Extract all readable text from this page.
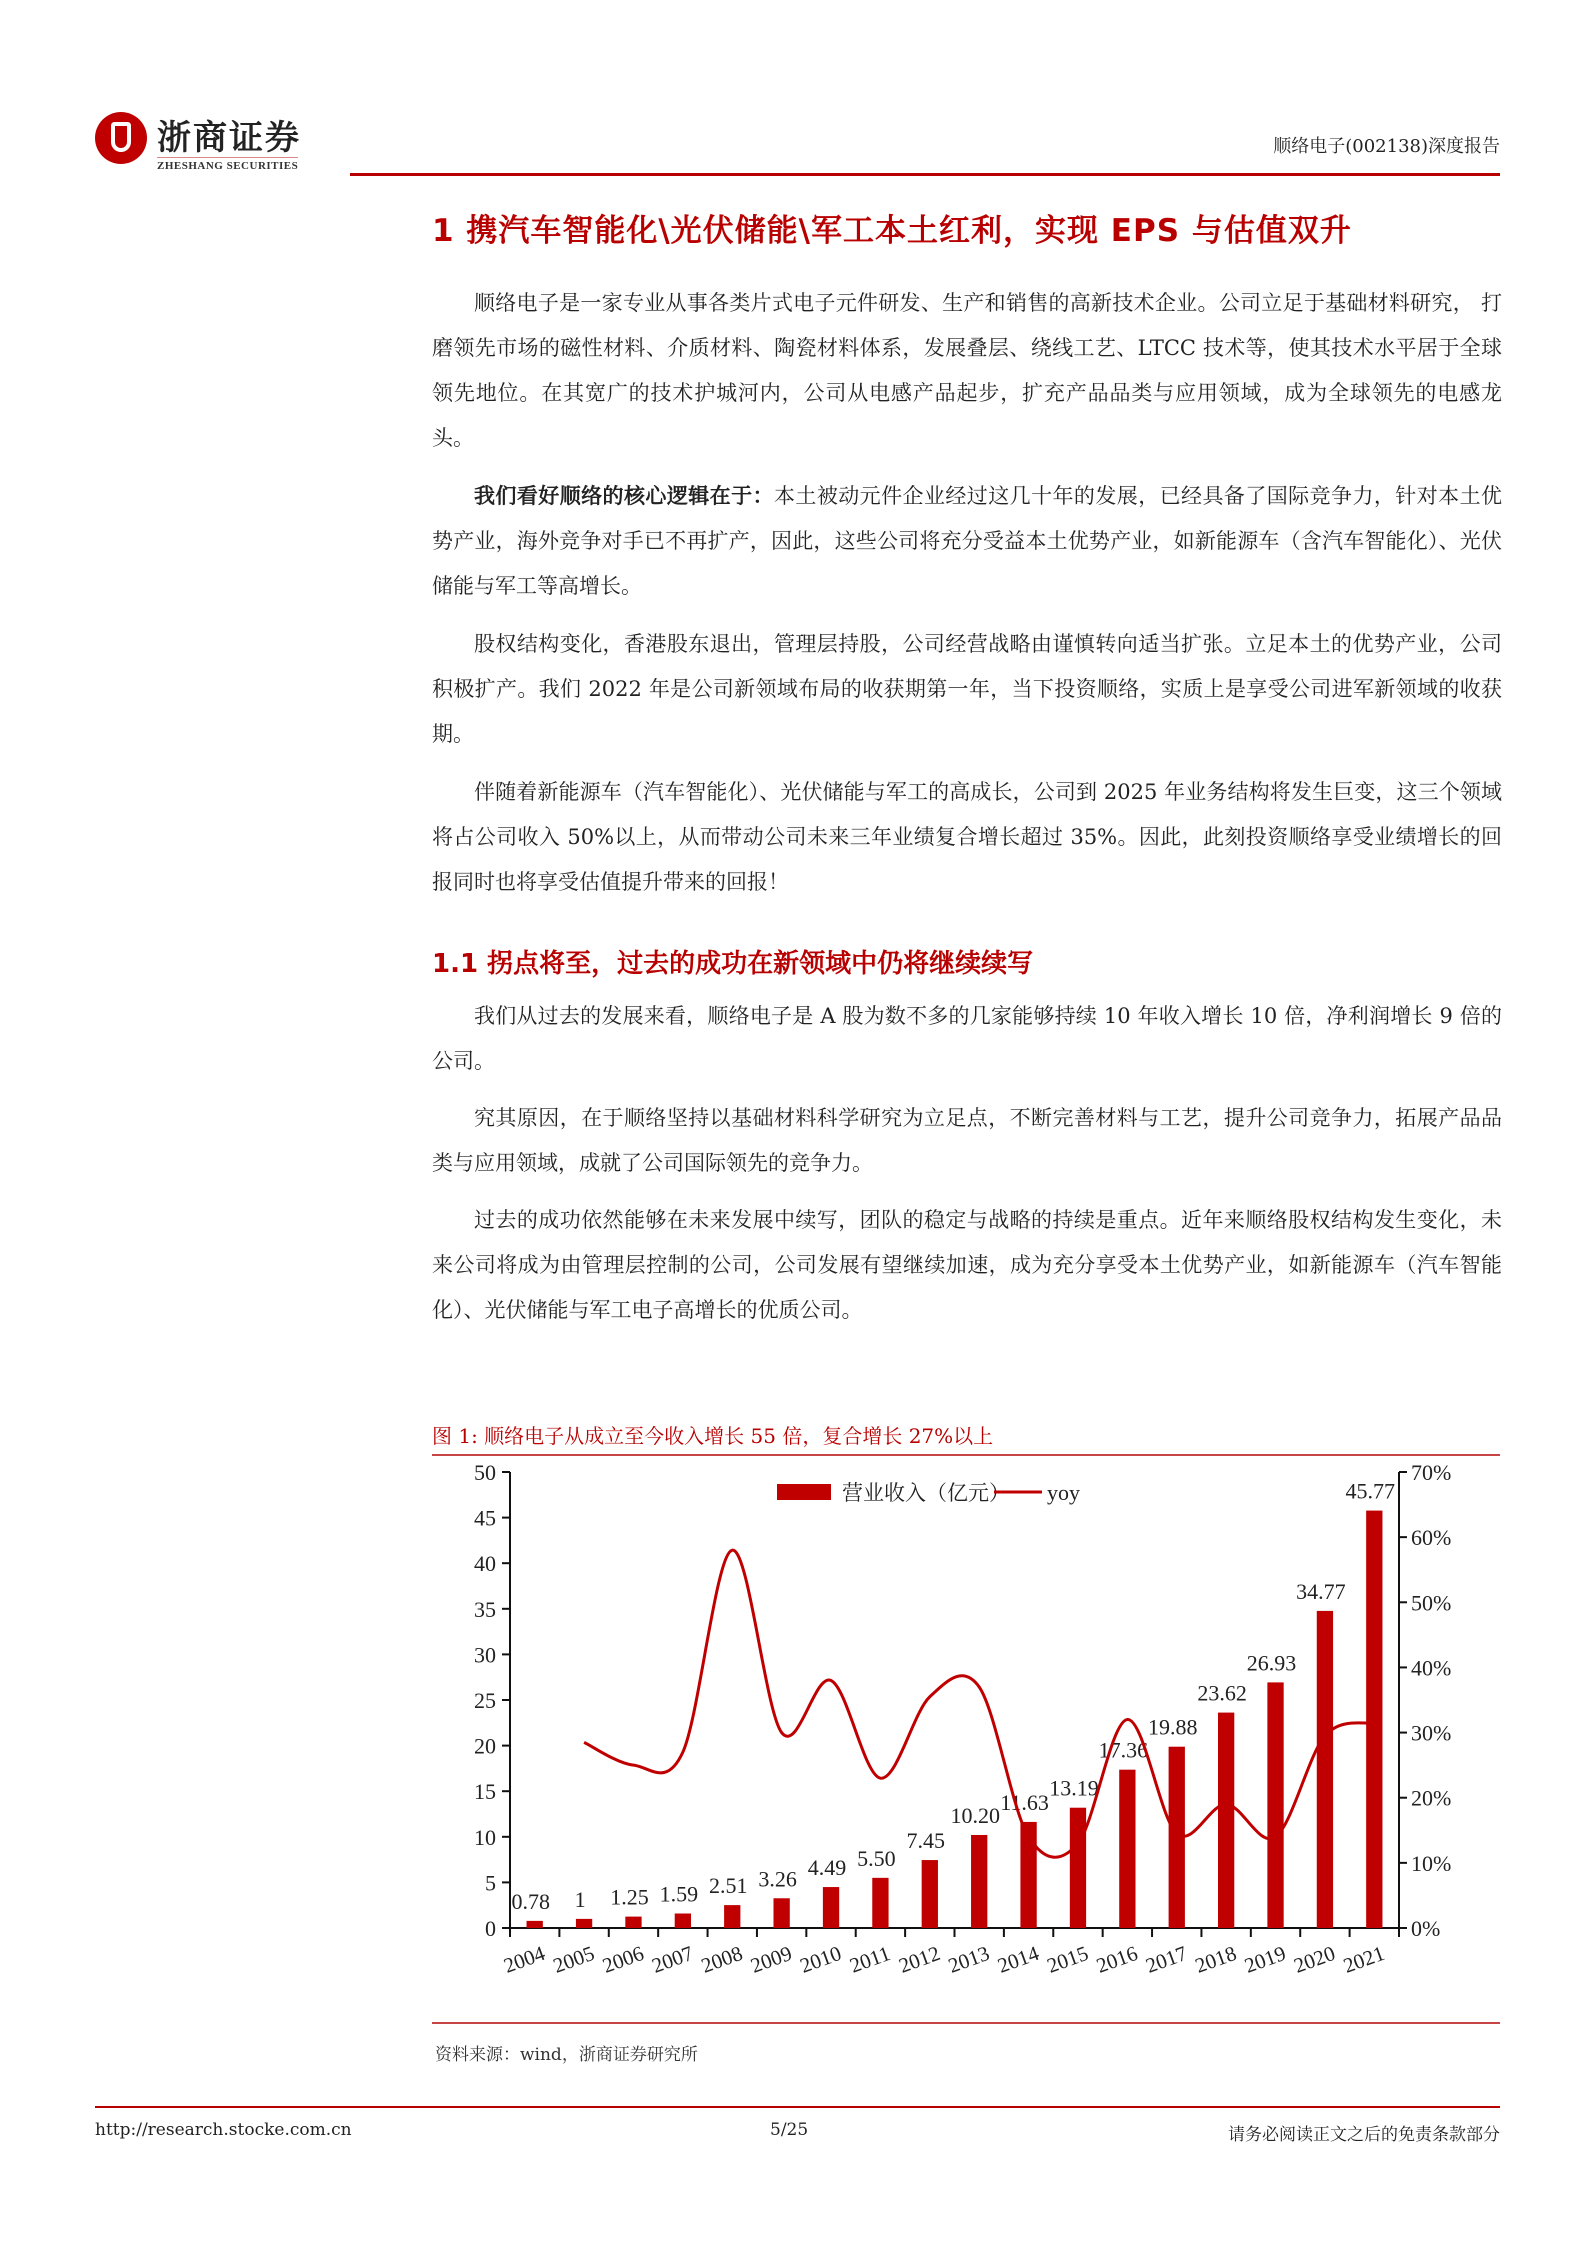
浙商证券
ZHESHANG SECURITIES
顺络电子(002138)深度报告
1 携汽车智能化\光伏储能\军工本土红利，实现 EPS 与估值双升

顺络电子是一家专业从事各类片式电子元件研发、生产和销售的高新技术企业。公司立足于基础材料研究， 打磨领先市场的磁性材料、介质材料、陶瓷材料体系，发展叠层、绕线工艺、LTCC 技术等，使其技术水平居于全球领先地位。在其宽广的技术护城河内，公司从电感产品起步，扩充产品品类与应用领域，成为全球领先的电感龙头。

我们看好顺络的核心逻辑在于：本土被动元件企业经过这几十年的发展，已经具备了国际竞争力，针对本土优势产业，海外竞争对手已不再扩产，因此，这些公司将充分受益本土优势产业，如新能源车（含汽车智能化）、光伏储能与军工等高增长。

股权结构变化，香港股东退出，管理层持股，公司经营战略由谨慎转向适当扩张。立足本土的优势产业，公司积极扩产。我们 2022 年是公司新领域布局的收获期第一年，当下投资顺络，实质上是享受公司进军新领域的收获期。

伴随着新能源车（汽车智能化）、光伏储能与军工的高成长，公司到 2025 年业务结构将发生巨变，这三个领域将占公司收入 50%以上，从而带动公司未来三年业绩复合增长超过 35%。因此，此刻投资顺络享受业绩增长的回报同时也将享受估值提升带来的回报！

1.1 拐点将至，过去的成功在新领域中仍将继续续写

我们从过去的发展来看，顺络电子是 A 股为数不多的几家能够持续 10 年收入增长 10 倍，净利润增长 9 倍的公司。

究其原因，在于顺络坚持以基础材料科学研究为立足点，不断完善材料与工艺，提升公司竞争力，拓展产品品类与应用领域，成就了公司国际领先的竞争力。

过去的成功依然能够在未来发展中续写，团队的稳定与战略的持续是重点。近年来顺络股权结构发生变化，未来公司将成为由管理层控制的公司，公司发展有望继续加速，成为充分享受本土优势产业，如新能源车（汽车智能化）、光伏储能与军工电子高增长的优质公司。

图 1: 顺络电子从成立至今收入增长 55 倍，复合增长 27%以上
0
5
10
15
20
25
30
35
40
45
50
0%
10%
20%
30%
40%
50%
60%
70%
2004 2005 2006 2007 2008 2009 2010 2011 2012 2013 2014 2015 2016 2017 2018 2019 2020 2021
0.78 1 1.25 1.59 2.51 3.26 4.49 5.50
7.45
10.20
11.63
13.19
17.36
19.88
23.62
26.93
34.77
45.77
营业收入（亿元） yoy
资料来源：wind，浙商证券研究所
http://research.stocke.com.cn	5/25	请务必阅读正文之后的免责条款部分
